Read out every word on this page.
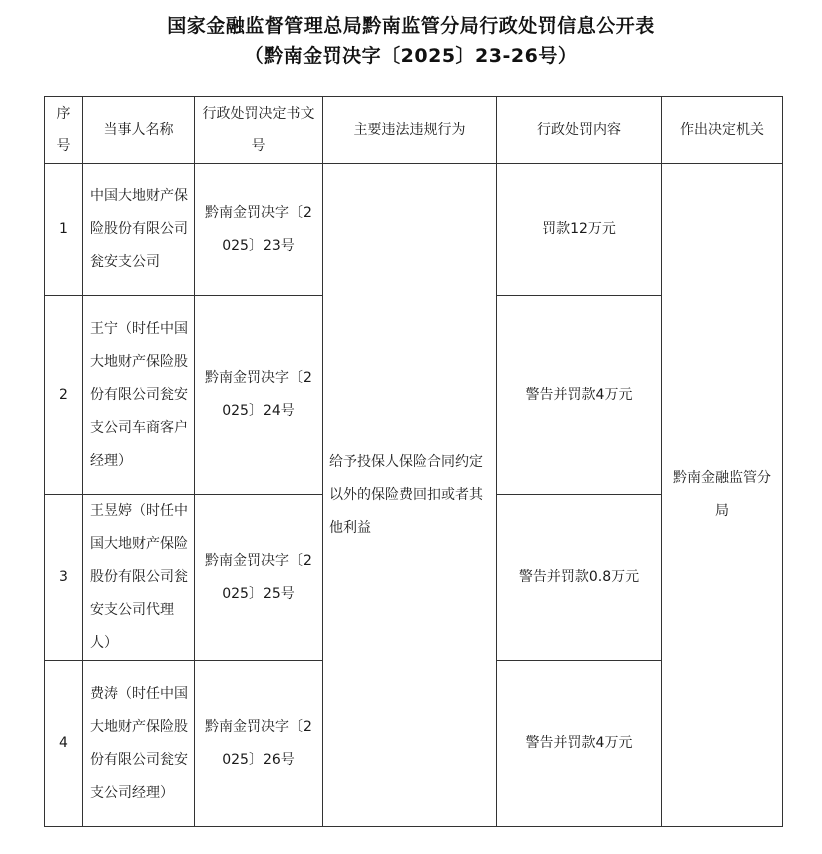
国家金融监督管理总局黔南监管分局行政处罚信息公开表
（黔南金罚决字〔2025〕23-26号）
序号	当事人名称	行政处罚决定书文号	主要违法违规行为	行政处罚内容	作出决定机关

1	中国大地财产保险股份有限公司瓮安支公司	黔南金罚决字〔2025〕23号	给予投保人保险合同约定以外的保险费回扣或者其他利益	罚款12万元	黔南金融监管分局

2	王宁（时任中国大地财产保险股份有限公司瓮安支公司车商客户经理）	黔南金罚决字〔2025〕24号		警告并罚款4万元	

3	王昱婷（时任中国大地财产保险股份有限公司瓮安支公司代理人）	黔南金罚决字〔2025〕25号		警告并罚款0.8万元	

4	费涛（时任中国大地财产保险股份有限公司瓮安支公司经理）	黔南金罚决字〔2025〕26号		警告并罚款4万元	
